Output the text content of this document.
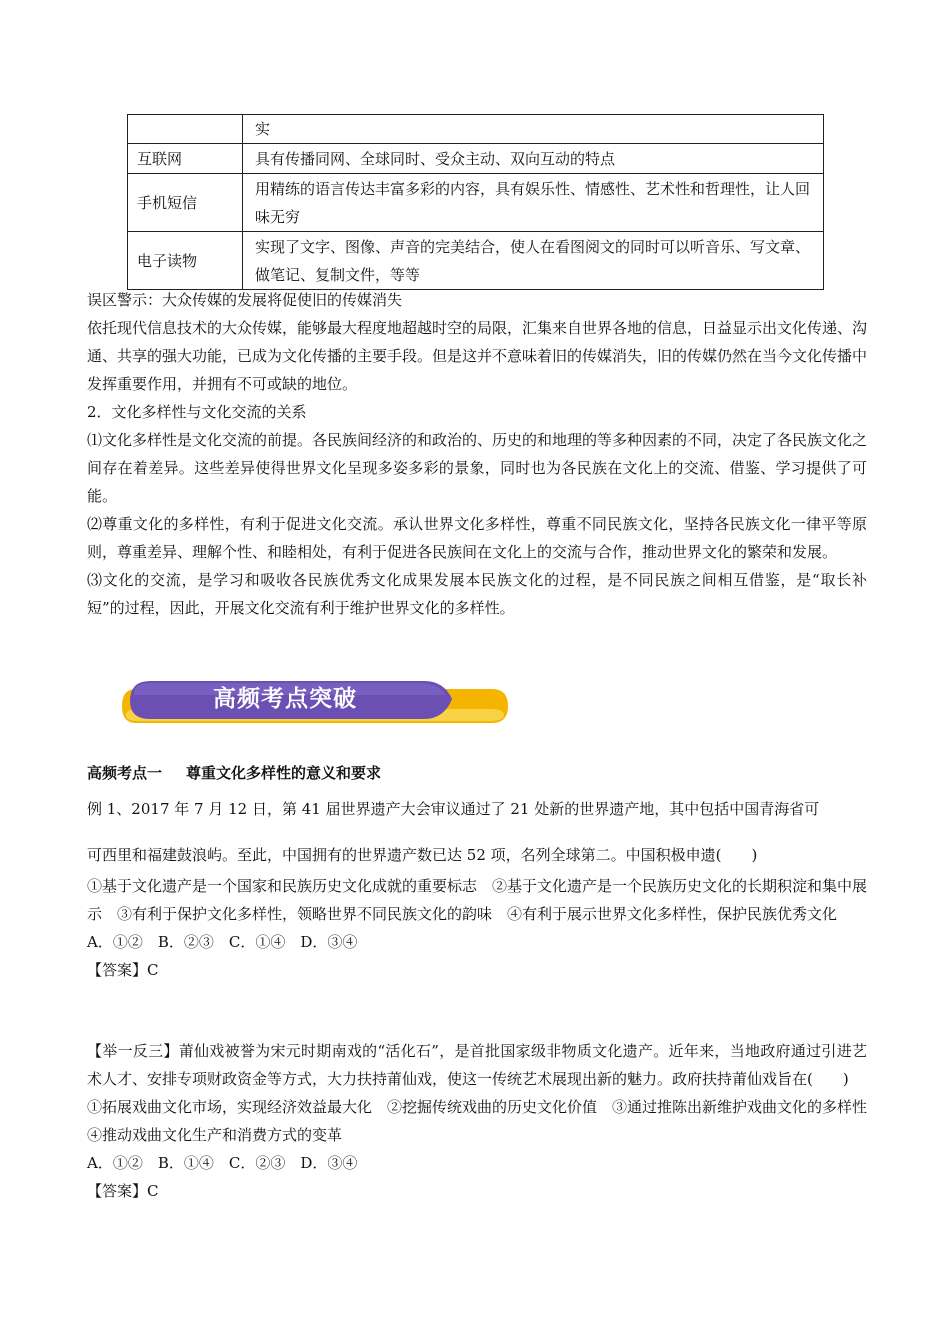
	实
互联网	具有传播同网、全球同时、受众主动、双向互动的特点
手机短信	用精练的语言传达丰富多彩的内容，具有娱乐性、情感性、艺术性和哲理性，让人回味无穷
电子读物	实现了文字、图像、声音的完美结合，使人在看图阅文的同时可以听音乐、写文章、做笔记、复制文件，等等

误区警示：大众传媒的发展将促使旧的传媒消失

依托现代信息技术的大众传媒，能够最大程度地超越时空的局限，汇集来自世界各地的信息，日益显示出文化传递、沟通、共享的强大功能，已成为文化传播的主要手段。但是这并不意味着旧的传媒消失，旧的传媒仍然在当今文化传播中发挥重要作用，并拥有不可或缺的地位。

2．文化多样性与文化交流的关系

⑴文化多样性是文化交流的前提。各民族间经济的和政治的、历史的和地理的等多种因素的不同，决定了各民族文化之间存在着差异。这些差异使得世界文化呈现多姿多彩的景象，同时也为各民族在文化上的交流、借鉴、学习提供了可能。

⑵尊重文化的多样性，有利于促进文化交流。承认世界文化多样性，尊重不同民族文化，坚持各民族文化一律平等原则，尊重差异、理解个性、和睦相处，有利于促进各民族间在文化上的交流与合作，推动世界文化的繁荣和发展。

⑶文化的交流，是学习和吸收各民族优秀文化成果发展本民族文化的过程，是不同民族之间相互借鉴，是“取长补短”的过程，因此，开展文化交流有利于维护世界文化的多样性。

高频考点突破
高频考点一 尊重文化多样性的意义和要求

例 1、2017 年 7 月 12 日，第 41 届世界遗产大会审议通过了 21 处新的世界遗产地，其中包括中国青海省可

可西里和福建鼓浪屿。至此，中国拥有的世界遗产数已达 52 项，名列全球第二。中国积极申遗(　　)

①基于文化遗产是一个国家和民族历史文化成就的重要标志　②基于文化遗产是一个民族历史文化的长期积淀和集中展示　③有利于保护文化多样性，领略世界不同民族文化的韵味　④有利于展示世界文化多样性，保护民族优秀文化

A．①②　B．②③　C．①④　D．③④

【答案】C

【举一反三】莆仙戏被誉为宋元时期南戏的“活化石”，是首批国家级非物质文化遗产。近年来，当地政府通过引进艺术人才、安排专项财政资金等方式，大力扶持莆仙戏，使这一传统艺术展现出新的魅力。政府扶持莆仙戏旨在(　　)

①拓展戏曲文化市场，实现经济效益最大化　②挖掘传统戏曲的历史文化价值　③通过推陈出新维护戏曲文化的多样性　④推动戏曲文化生产和消费方式的变革

A．①②　B．①④　C．②③　D．③④

【答案】C
